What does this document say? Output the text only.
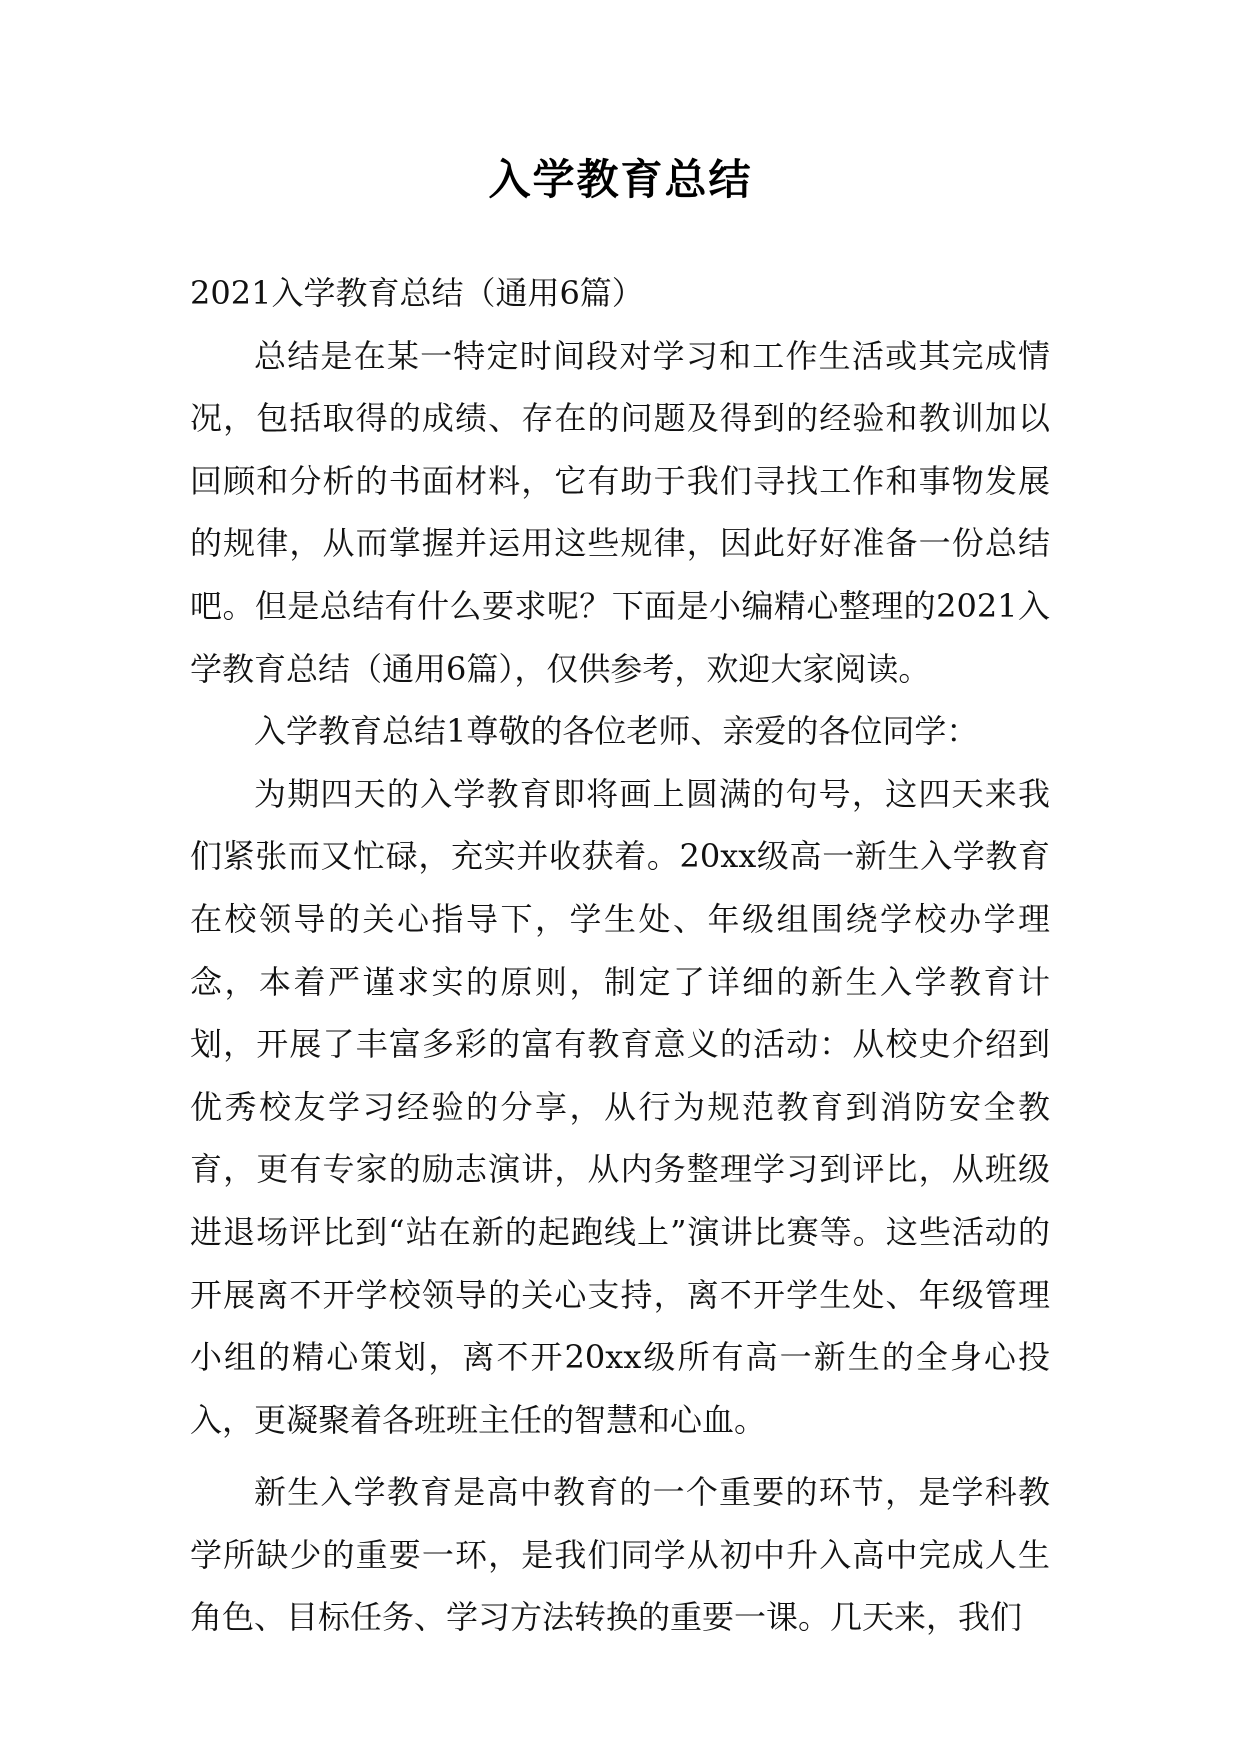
入学教育总结

2021入学教育总结（通用6篇）

总结是在某一特定时间段对学习和工作生活或其完成情况，包括取得的成绩、存在的问题及得到的经验和教训加以回顾和分析的书面材料，它有助于我们寻找工作和事物发展的规律，从而掌握并运用这些规律，因此好好准备一份总结吧。但是总结有什么要求呢？下面是小编精心整理的2021入学教育总结（通用6篇），仅供参考，欢迎大家阅读。

入学教育总结1尊敬的各位老师、亲爱的各位同学：

为期四天的入学教育即将画上圆满的句号，这四天来我们紧张而又忙碌，充实并收获着。20xx级高一新生入学教育在校领导的关心指导下，学生处、年级组围绕学校办学理念，本着严谨求实的原则，制定了详细的新生入学教育计划，开展了丰富多彩的富有教育意义的活动：从校史介绍到优秀校友学习经验的分享，从行为规范教育到消防安全教育，更有专家的励志演讲，从内务整理学习到评比，从班级进退场评比到“站在新的起跑线上”演讲比赛等。这些活动的开展离不开学校领导的关心支持，离不开学生处、年级管理小组的精心策划，离不开20xx级所有高一新生的全身心投入，更凝聚着各班班主任的智慧和心血。

新生入学教育是高中教育的一个重要的环节，是学科教学所缺少的重要一环，是我们同学从初中升入高中完成人生角色、目标任务、学习方法转换的重要一课。几天来，我们
